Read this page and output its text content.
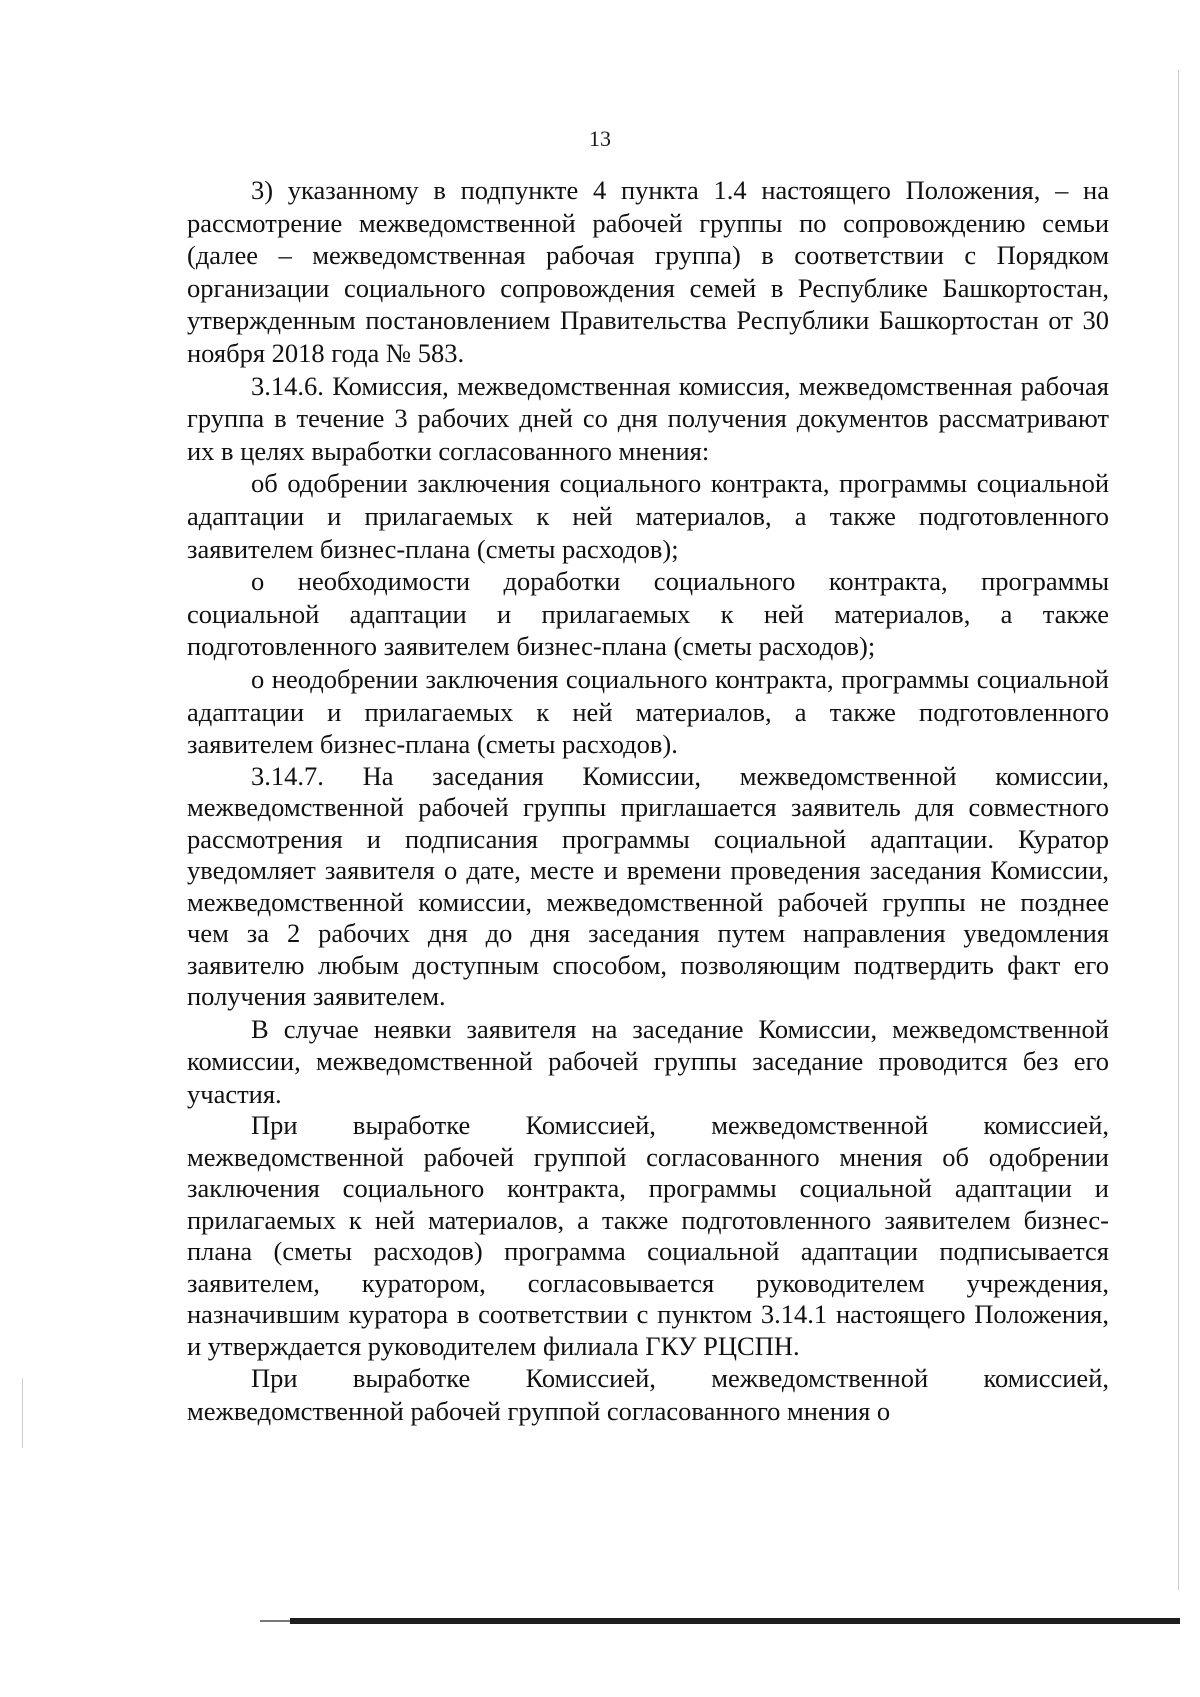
13

3) указанному в подпункте 4 пункта 1.4 настоящего Положения, – на рассмотрение межведомственной рабочей группы по сопровождению семьи (далее – межведомственная рабочая группа) в соответствии с Порядком организации социального сопровождения семей в Республике Башкортостан, утвержденным постановлением Правительства Республики Башкортостан от 30 ноября 2018 года № 583.

3.14.6. Комиссия, межведомственная комиссия, межведомственная рабочая группа в течение 3 рабочих дней со дня получения документов рассматривают их в целях выработки согласованного мнения:

об одобрении заключения социального контракта, программы социальной адаптации и прилагаемых к ней материалов, а также подготовленного заявителем бизнес-плана (сметы расходов);

о необходимости доработки социального контракта, программы социальной адаптации и прилагаемых к ней материалов, а также подготовленного заявителем бизнес-плана (сметы расходов);

о неодобрении заключения социального контракта, программы социальной адаптации и прилагаемых к ней материалов, а также подготовленного заявителем бизнес-плана (сметы расходов).

3.14.7. На заседания Комиссии, межведомственной комиссии, межведомственной рабочей группы приглашается заявитель для совместного рассмотрения и подписания программы социальной адаптации. Куратор уведомляет заявителя о дате, месте и времени проведения заседания Комиссии, межведомственной комиссии, межведомственной рабочей группы не позднее чем за 2 рабочих дня до дня заседания путем направления уведомления заявителю любым доступным способом, позволяющим подтвердить факт его получения заявителем.

В случае неявки заявителя на заседание Комиссии, межведомственной комиссии, межведомственной рабочей группы заседание проводится без его участия.

При выработке Комиссией, межведомственной комиссией, межведомственной рабочей группой согласованного мнения об одобрении заключения социального контракта, программы социальной адаптации и прилагаемых к ней материалов, а также подготовленного заявителем бизнес-плана (сметы расходов) программа социальной адаптации подписывается заявителем, куратором, согласовывается руководителем учреждения, назначившим куратора в соответствии с пунктом 3.14.1 настоящего Положения, и утверждается руководителем филиала ГКУ РЦСПН.

При выработке Комиссией, межведомственной комиссией, межведомственной рабочей группой согласованного мнения о
